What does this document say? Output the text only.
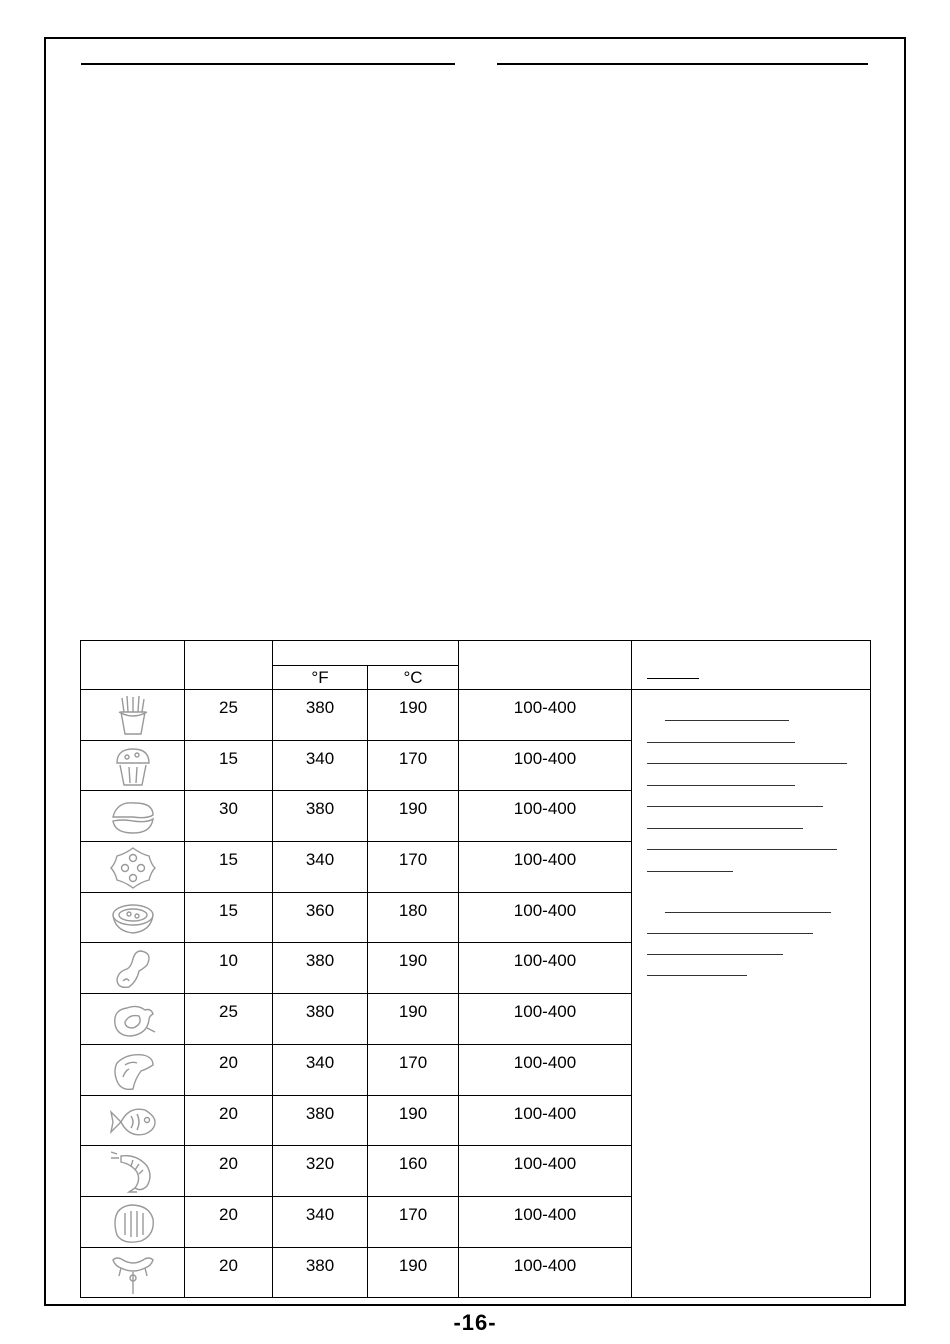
		°F	°C		

	25	380	190	100-400	

	15	340	170	100-400	

	30	380	190	100-400	

	15	340	170	100-400	

	15	360	180	100-400	

	10	380	190	100-400	

	25	380	190	100-400	

	20	340	170	100-400	

	20	380	190	100-400	

	20	320	160	100-400	

	20	340	170	100-400	

	20	380	190	100-400	
-16-
